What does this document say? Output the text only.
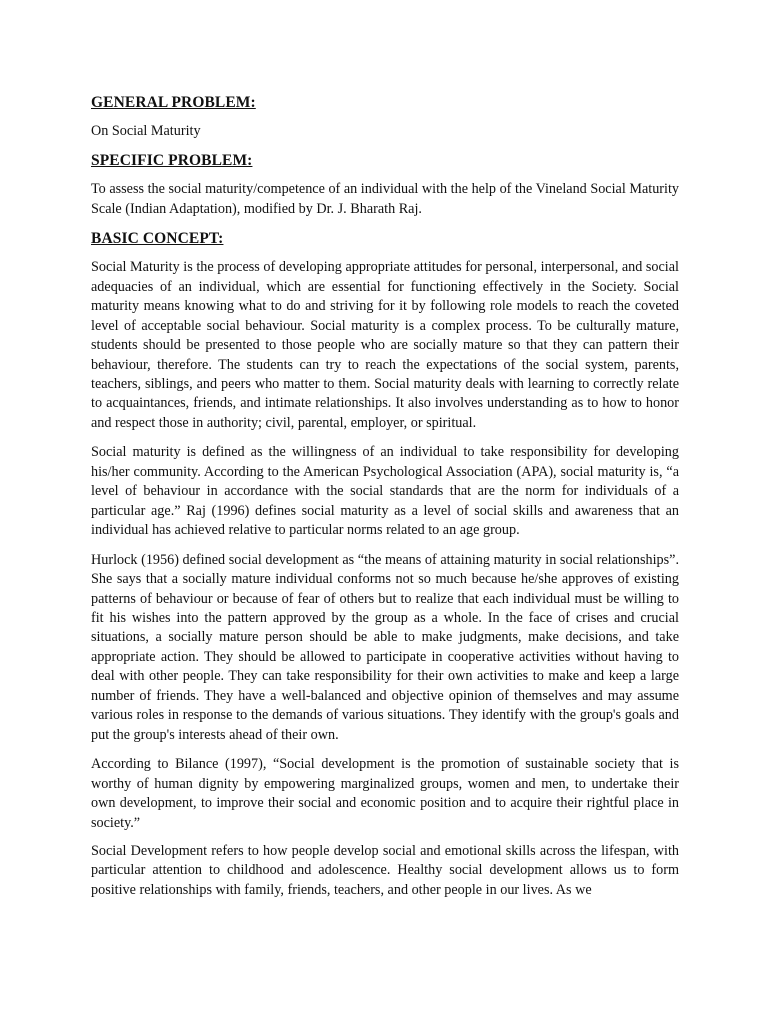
GENERAL PROBLEM:
On Social Maturity
SPECIFIC PROBLEM:
To assess the social maturity/competence of an individual with the help of the Vineland Social Maturity Scale (Indian Adaptation), modified by Dr. J. Bharath Raj.
BASIC CONCEPT:
Social Maturity is the process of developing appropriate attitudes for personal, interpersonal, and social adequacies of an individual, which are essential for functioning effectively in the Society. Social maturity means knowing what to do and striving for it by following role models to reach the coveted level of acceptable social behaviour. Social maturity is a complex process. To be culturally mature, students should be presented to those people who are socially mature so that they can pattern their behaviour, therefore. The students can try to reach the expectations of the social system, parents, teachers, siblings, and peers who matter to them. Social maturity deals with learning to correctly relate to acquaintances, friends, and intimate relationships. It also involves understanding as to how to honor and respect those in authority; civil, parental, employer, or spiritual.
Social maturity is defined as the willingness of an individual to take responsibility for developing his/her community. According to the American Psychological Association (APA), social maturity is, “a level of behaviour in accordance with the social standards that are the norm for individuals of a particular age.” Raj (1996) defines social maturity as a level of social skills and awareness that an individual has achieved relative to particular norms related to an age group.
Hurlock (1956) defined social development as “the means of attaining maturity in social relationships”. She says that a socially mature individual conforms not so much because he/she approves of existing patterns of behaviour or because of fear of others but to realize that each individual must be willing to fit his wishes into the pattern approved by the group as a whole. In the face of crises and crucial situations, a socially mature person should be able to make judgments, make decisions, and take appropriate action. They should be allowed to participate in cooperative activities without having to deal with other people. They can take responsibility for their own activities to make and keep a large number of friends. They have a well-balanced and objective opinion of themselves and may assume various roles in response to the demands of various situations. They identify with the group's goals and put the group's interests ahead of their own.
According to Bilance (1997), “Social development is the promotion of sustainable society that is worthy of human dignity by empowering marginalized groups, women and men, to undertake their own development, to improve their social and economic position and to acquire their rightful place in society.”
Social Development refers to how people develop social and emotional skills across the lifespan, with particular attention to childhood and adolescence. Healthy social development allows us to form positive relationships with family, friends, teachers, and other people in our lives. As we
